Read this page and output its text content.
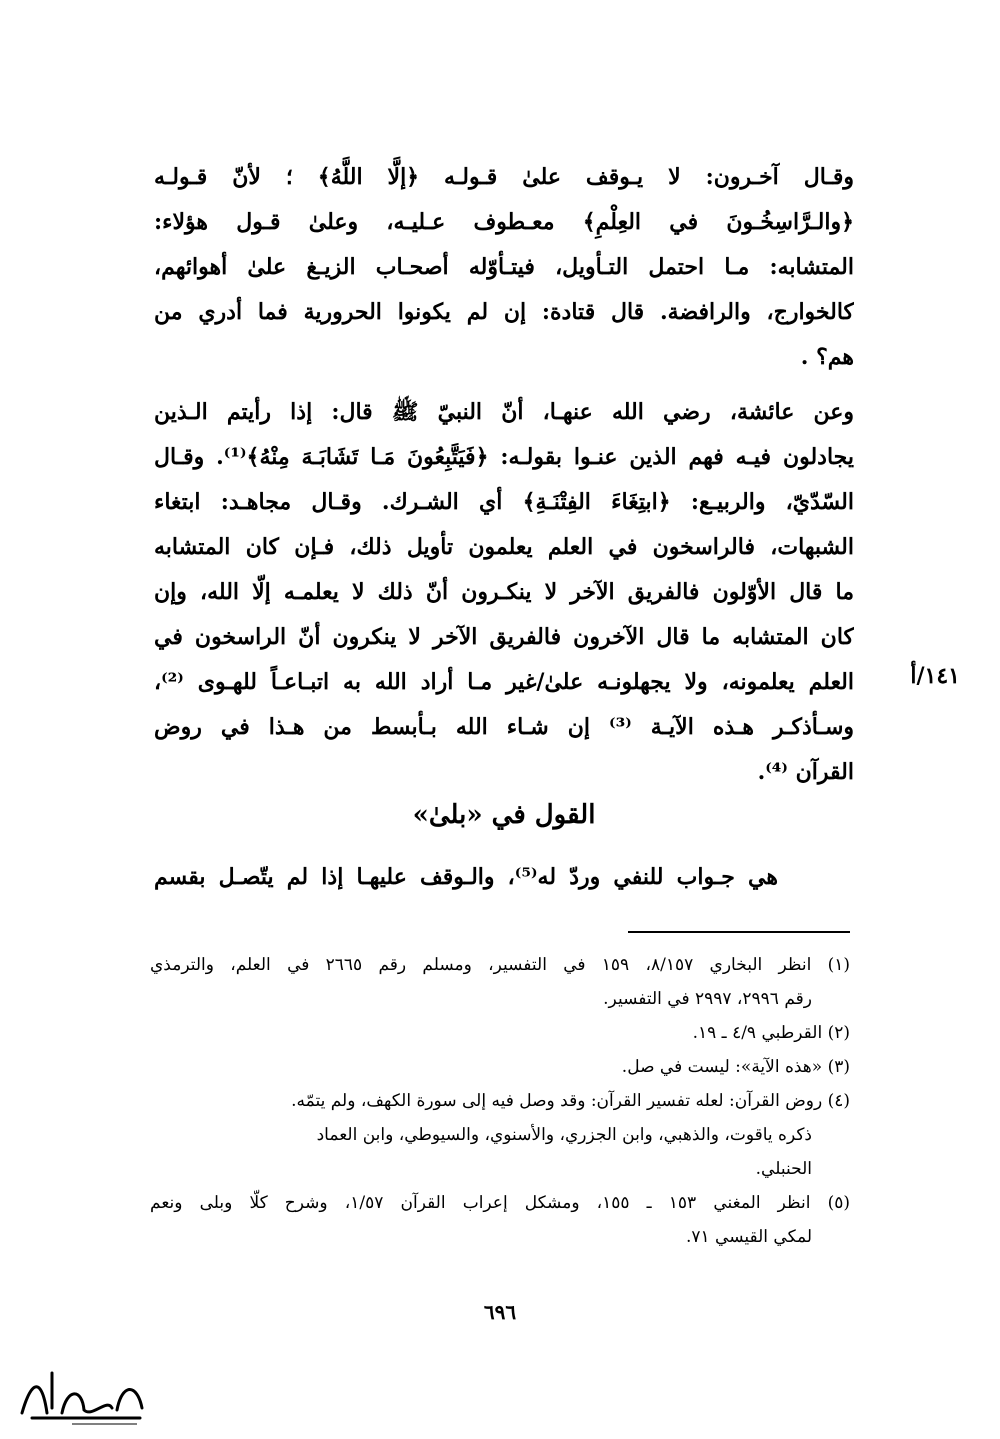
وقـال آخـرون: لا يـوقف علىٰ قـولـه ﴿إلَّا اللَّهُ﴾ ؛ لأنّ قـولـه
﴿والـرَّاسِخُـونَ في العِلْمِ﴾ معـطوف عـليـه، وعلىٰ قـول هؤلاء:
المتشابه: مـا احتمل التـأويل، فيتـأوّله أصحـاب الزيـغ علىٰ أهوائهم،
كالخوارج، والرافضة. قال قتادة: إن لم يكونوا الحرورية فما أدري من
هم؟ .
وعن عائشة، رضي الله عنهـا، أنّ النبيّ ﷺ قال: إذا رأيتم الـذين
يجادلون فيـه فهم الذين عنـوا بقولـه: ﴿فَيَتَّبِعُونَ مَـا تَشَابَـهَ مِنْهُ﴾⁽¹⁾. وقـال
السّدّيّ، والربيـع: ﴿ابتِغَاءَ الفِتْنَـةِ﴾ أي الشـرك. وقـال مجاهـد: ابتغاء
الشبهات، فالراسخون في العلم يعلمون تأويل ذلك، فـإن كان المتشابه
ما قال الأوّلون فالفريق الآخر لا ينكـرون أنّ ذلك لا يعلمـه إلّا الله، وإن
كان المتشابه ما قال الآخرون فالفريق الآخر لا ينكرون أنّ الراسخون في
العلم يعلمونه، ولا يجهلونـه علىٰ/غير مـا أراد الله به اتبـاعـاً للهـوى ⁽²⁾،
وسـأذكـر هـذه الآيـة ⁽³⁾ إن شـاء الله بـأبسط من هـذا في روض
القرآن ⁽⁴⁾.
١٤١/أ
القول في «بلىٰ»
هي جـواب للنفي وردّ له⁽⁵⁾، والـوقف عليهـا إذا لم يتّصـل بقسم
(١) انظر البخاري ٨/١٥٧، ١٥٩ في التفسير، ومسلم رقم ٢٦٦٥ في العلم، والترمذي
رقم ٢٩٩٦، ٢٩٩٧ في التفسير.
(٢) القرطبي ٤/٩ ـ ١٩.
(٣) «هذه الآية»: ليست في صل.
(٤) روض القرآن: لعله تفسير القرآن: وقد وصل فيه إلى سورة الكهف، ولم يتمّه.
ذكره ياقوت، والذهبي، وابن الجزري، والأسنوي، والسيوطي، وابن العماد
الحنبلي.
(٥) انظر المغني ١٥٣ ـ ١٥٥، ومشكل إعراب القرآن ١/٥٧، وشرح كلّا وبلى ونعم
لمكي القيسي ٧١.
٦٩٦
